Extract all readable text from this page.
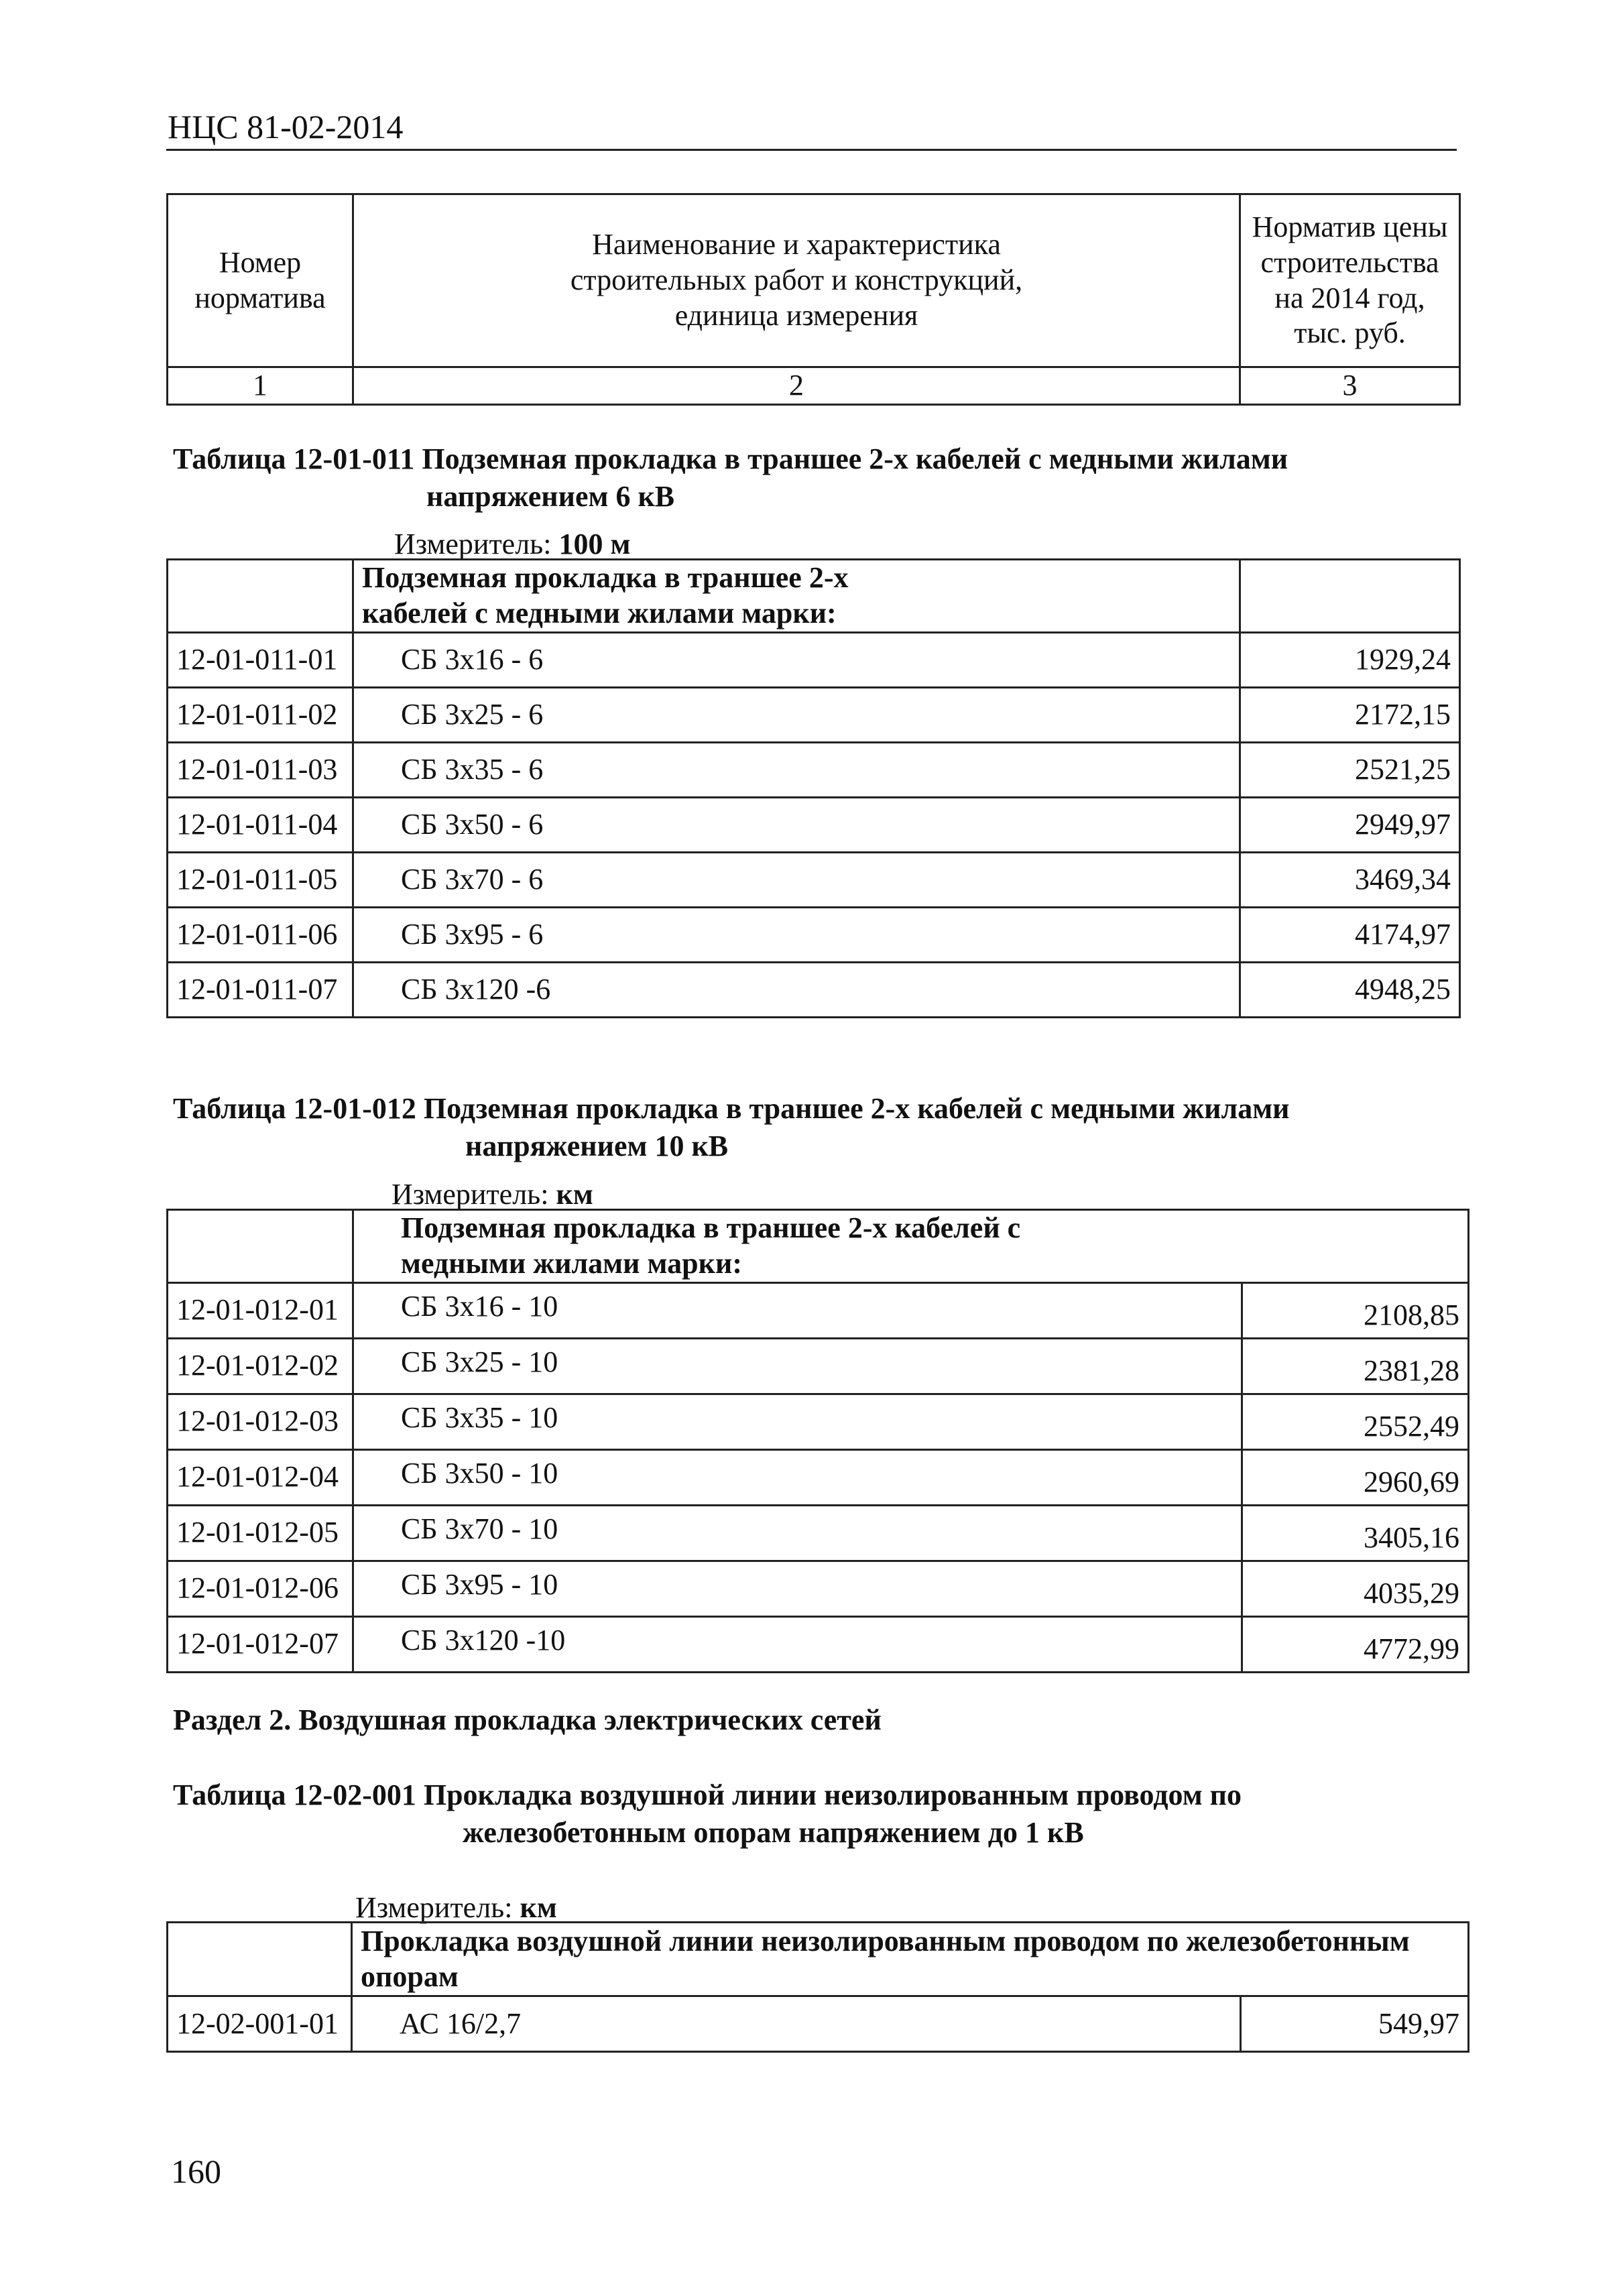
НЦС 81-02-2014
Номер норматива	Наименование и характеристика строительных работ и конструкций, единица измерения	Норматив цены строительства на 2014 год, тыс. руб.
1	2	3
Таблица 12-01-011 Подземная прокладка в траншее 2-х кабелей с медными жилами
напряжением 6 кВ
Измеритель: 100 м
	Подземная прокладка в траншее 2-х кабелей с медными жилами марки:	
12-01-011-01	СБ 3х16 - 6	1929,24
12-01-011-02	СБ 3х25 - 6	2172,15
12-01-011-03	СБ 3х35 - 6	2521,25
12-01-011-04	СБ 3х50 - 6	2949,97
12-01-011-05	СБ 3х70 - 6	3469,34
12-01-011-06	СБ 3х95 - 6	4174,97
12-01-011-07	СБ 3х120 -6	4948,25
Таблица 12-01-012 Подземная прокладка в траншее 2-х кабелей с медными жилами
напряжением 10 кВ
Измеритель: км
	Подземная прокладка в траншее 2-х кабелей с медными жилами марки:	
12-01-012-01	СБ 3х16 - 10	2108,85
12-01-012-02	СБ 3х25 - 10	2381,28
12-01-012-03	СБ 3х35 - 10	2552,49
12-01-012-04	СБ 3х50 - 10	2960,69
12-01-012-05	СБ 3х70 - 10	3405,16
12-01-012-06	СБ 3х95 - 10	4035,29
12-01-012-07	СБ 3х120 -10	4772,99
Раздел 2. Воздушная прокладка электрических сетей
Таблица 12-02-001 Прокладка воздушной линии неизолированным проводом по
железобетонным опорам напряжением до 1 кВ
Измеритель: км
	Прокладка воздушной линии неизолированным проводом по железобетонным опорам	
12-02-001-01	АС 16/2,7	549,97
160
